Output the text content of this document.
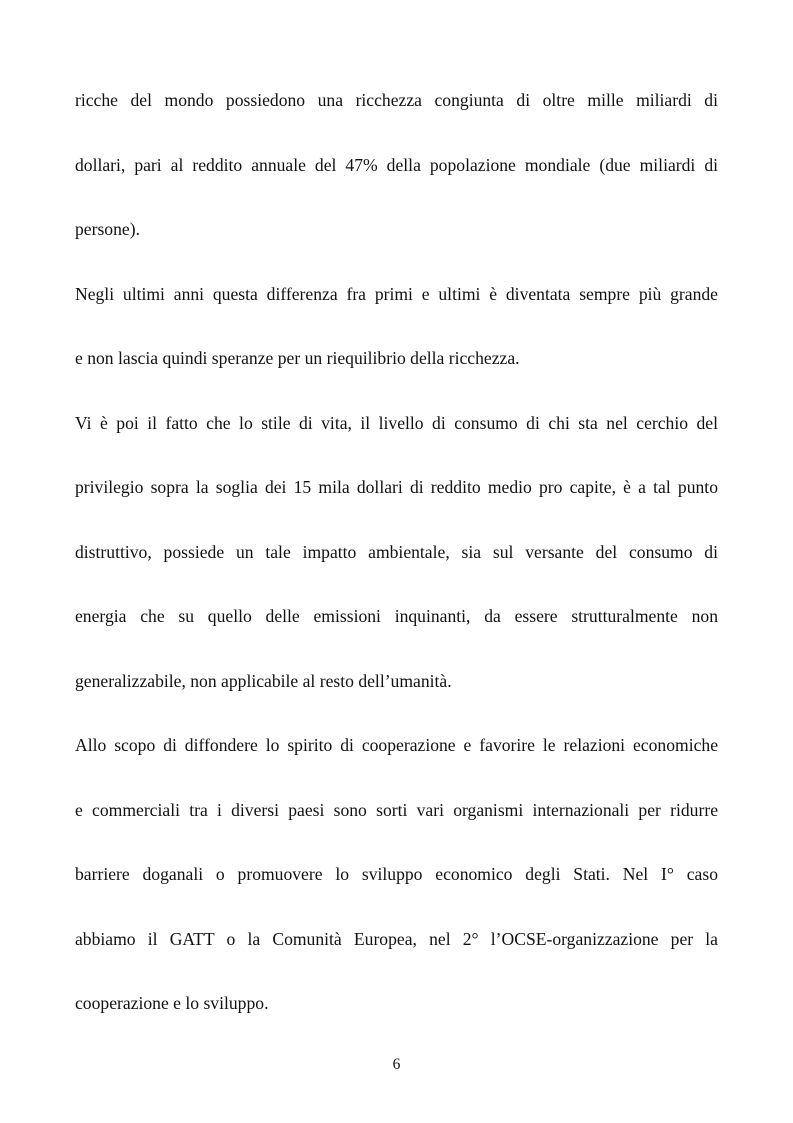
ricche del mondo possiedono una ricchezza congiunta di oltre mille miliardi di
dollari, pari al reddito annuale del 47% della popolazione mondiale (due miliardi di
persone).
Negli ultimi anni questa differenza fra primi e ultimi è diventata sempre più grande
e non lascia quindi speranze per un riequilibrio della ricchezza.
Vi è poi il fatto che lo stile di vita, il livello di consumo di chi sta nel cerchio del
privilegio sopra la soglia dei 15 mila dollari di reddito medio pro capite, è a tal punto
distruttivo, possiede un tale impatto ambientale, sia sul versante del consumo di
energia che su quello delle emissioni inquinanti, da essere strutturalmente non
generalizzabile, non applicabile al resto dell’umanità.
Allo scopo di diffondere lo spirito di cooperazione e favorire le relazioni economiche
e commerciali tra i diversi paesi sono sorti vari organismi internazionali per ridurre
barriere doganali o promuovere lo sviluppo economico degli Stati. Nel I° caso
abbiamo il GATT o la Comunità Europea, nel 2° l’OCSE-organizzazione per la
cooperazione e lo sviluppo.
6
